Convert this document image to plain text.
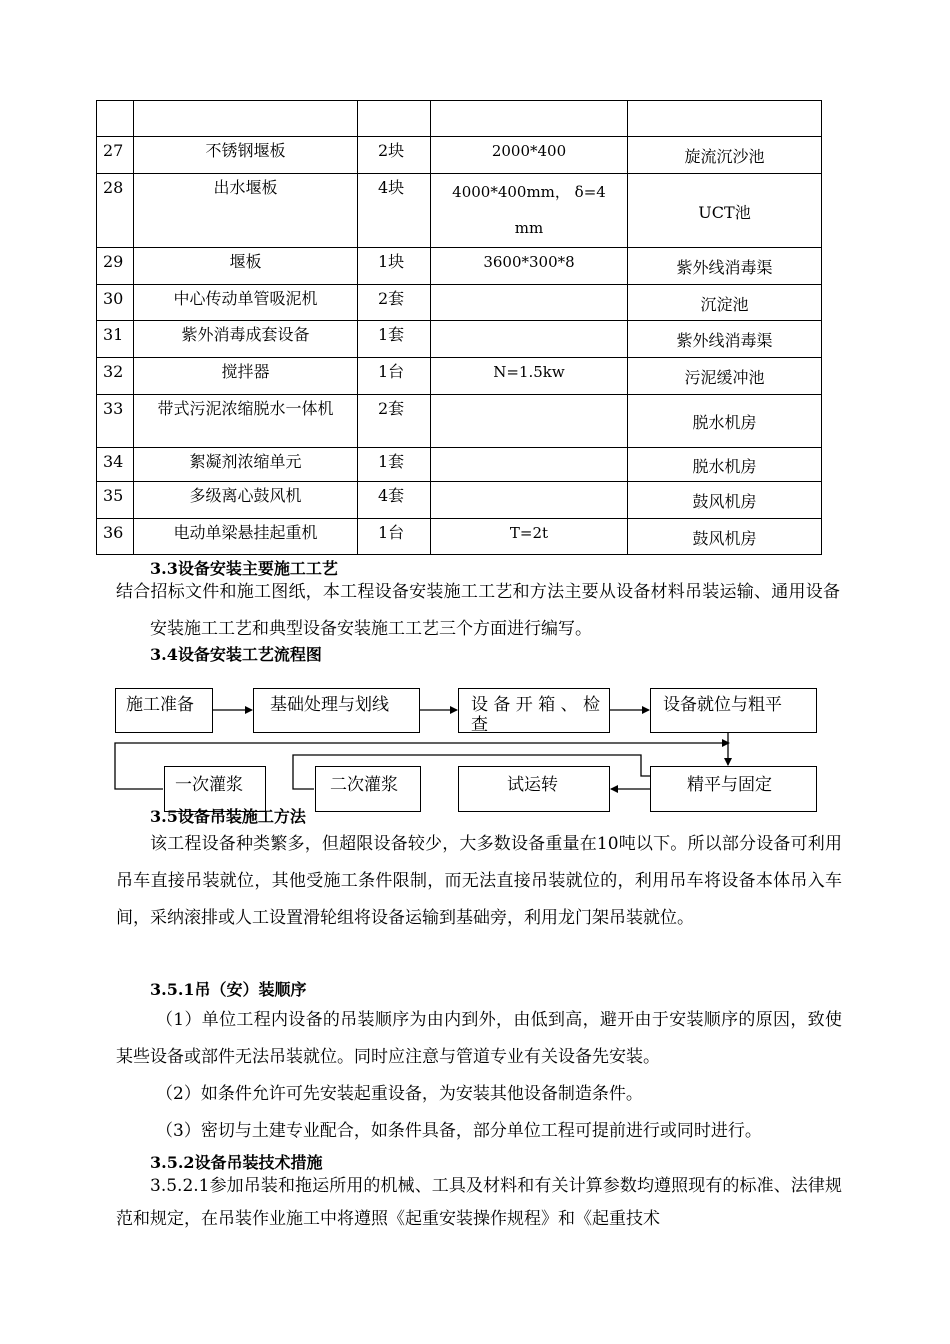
27	不锈钢堰板	2块	2000*400	旋流沉沙池

28	出水堰板	4块	4000*400mm， δ=4 mm	UCT池

29	堰板	1块	3600*300*8	紫外线消毒渠

30	中心传动单管吸泥机	2套		沉淀池

31	紫外消毒成套设备	1套		紫外线消毒渠

32	搅拌器	1台	N=1.5kw	污泥缓冲池

33	带式污泥浓缩脱水一体机	2套		脱水机房

34	絮凝剂浓缩单元	1套		脱水机房

35	多级离心鼓风机	4套		鼓风机房

36	电动单梁悬挂起重机	1台	T=2t	鼓风机房
3.3设备安装主要施工工艺
结合招标文件和施工图纸，本工程设备安装施工工艺和方法主要从设备材料吊装运输、通用设备安装施工工艺和典型设备安装施工工艺三个方面进行编写。
3.4设备安装工艺流程图
施工准备	基础处理与划线	设 备 开 箱 、 检查
设备就位与粗平
精平与固定
试运转
二次灌浆
一次灌浆
3.5设备吊装施工方法
该工程设备种类繁多，但超限设备较少，大多数设备重量在10吨以下。所以部分设备可利用吊车直接吊装就位，其他受施工条件限制，而无法直接吊装就位的，利用吊车将设备本体吊入车间，采纳滚排或人工设置滑轮组将设备运输到基础旁，利用龙门架吊装就位。
3.5.1吊（安）装顺序
（1）单位工程内设备的吊装顺序为由内到外，由低到高，避开由于安装顺序的原因，致使某些设备或部件无法吊装就位。同时应注意与管道专业有关设备先安装。
（2）如条件允许可先安装起重设备，为安装其他设备制造条件。
（3）密切与土建专业配合，如条件具备，部分单位工程可提前进行或同时进行。
3.5.2设备吊装技术措施
3.5.2.1参加吊装和拖运所用的机械、工具及材料和有关计算参数均遵照现有的标准、法律规范和规定，在吊装作业施工中将遵照《起重安装操作规程》和《起重技术
